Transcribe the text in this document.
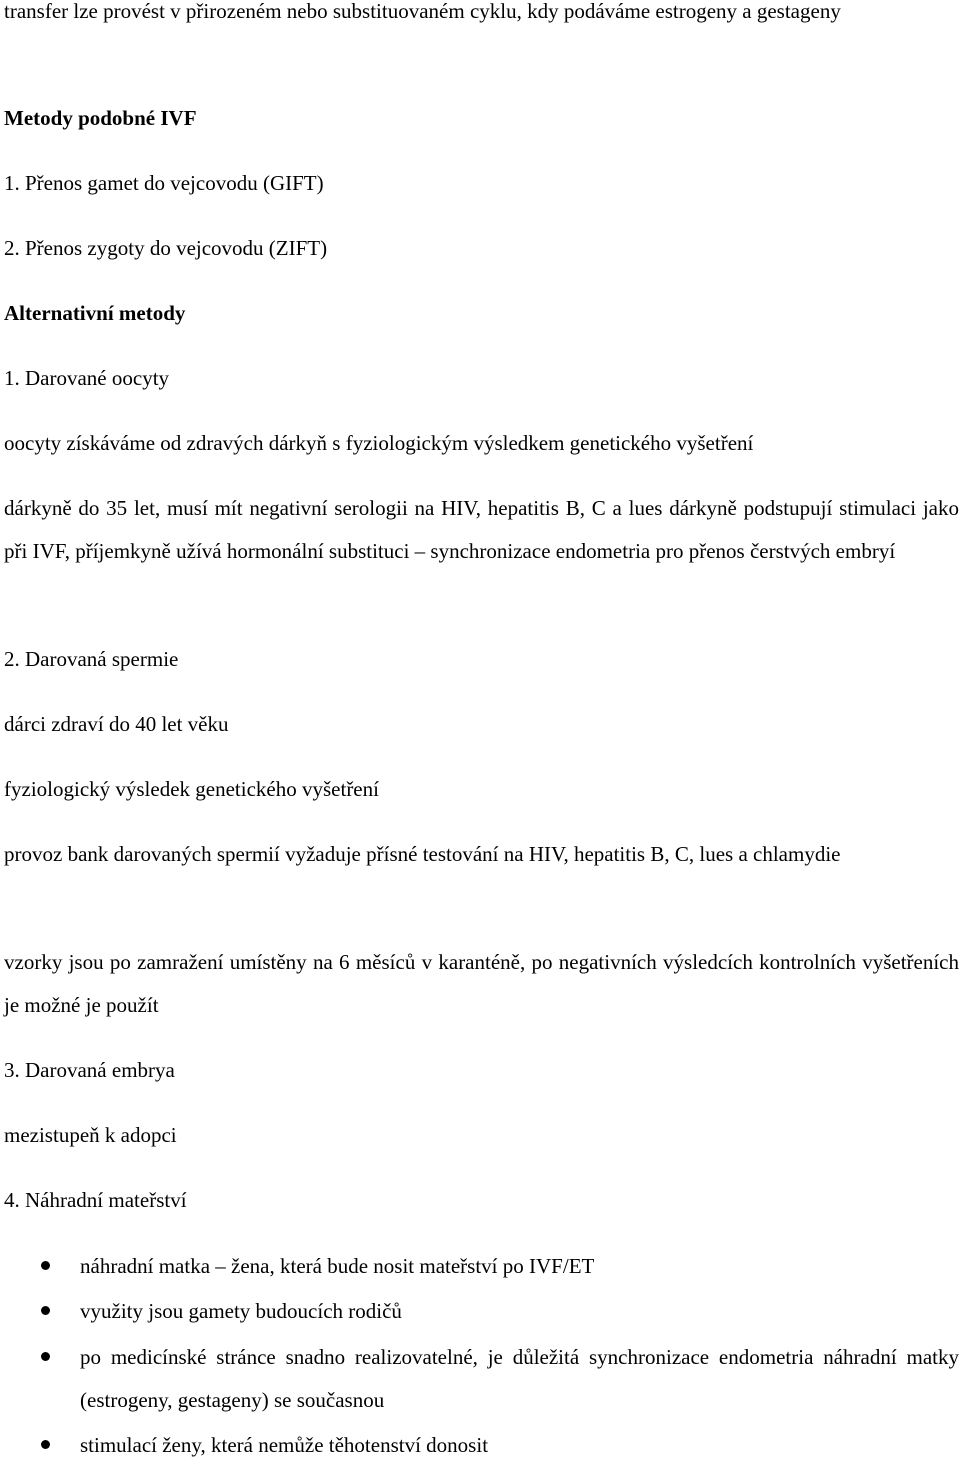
transfer lze provést v přirozeném nebo substituovaném cyklu, kdy podáváme estrogeny a gestageny
Metody podobné IVF
1. Přenos gamet do vejcovodu (GIFT)
2. Přenos zygoty do vejcovodu (ZIFT)
Alternativní metody
1. Darované oocyty
oocyty získáváme od zdravých dárkyň s fyziologickým výsledkem genetického vyšetření
dárkyně do 35 let, musí mít negativní serologii na HIV, hepatitis B, C a lues dárkyně podstupují stimulaci jako při IVF, příjemkyně užívá hormonální substituci – synchronizace endometria pro přenos čerstvých embryí
2. Darovaná spermie
dárci zdraví do 40 let věku
fyziologický výsledek genetického vyšetření
provoz bank darovaných spermií vyžaduje přísné testování na HIV, hepatitis B, C, lues a chlamydie
vzorky jsou po zamražení umístěny na 6 měsíců v karanténě, po negativních výsledcích kontrolních vyšetřeních je možné je použít
3. Darovaná embrya
mezistupeň k adopci
4. Náhradní mateřství
náhradní matka – žena, která bude nosit mateřství po IVF/ET
využity jsou gamety budoucích rodičů
po medicínské stránce snadno realizovatelné, je důležitá synchronizace endometria náhradní matky (estrogeny, gestageny) se současnou
stimulací ženy, která nemůže těhotenství donosit
